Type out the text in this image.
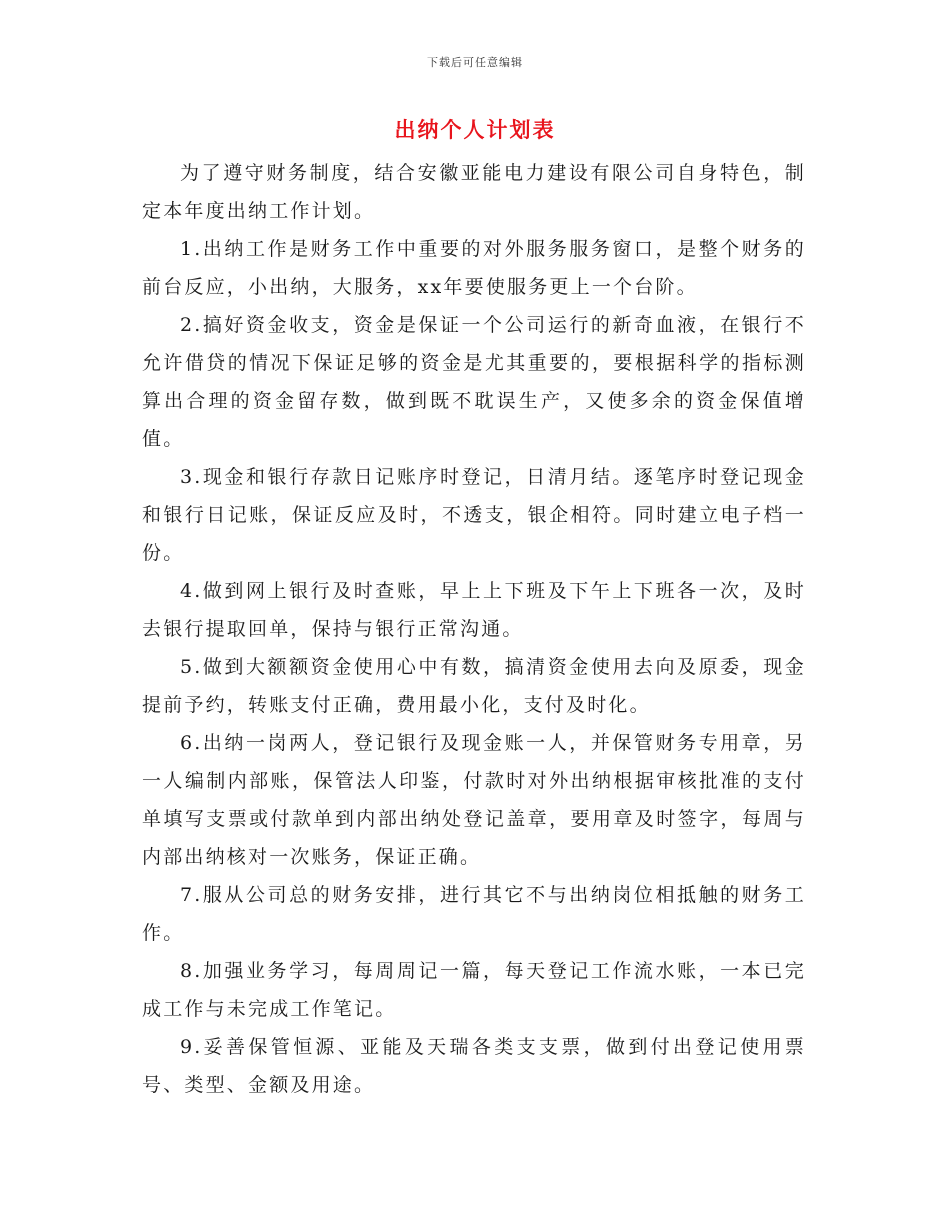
下载后可任意编辑
出纳个人计划表

为了遵守财务制度，结合安徽亚能电力建设有限公司自身特色，制定本年度出纳工作计划。

1.出纳工作是财务工作中重要的对外服务服务窗口，是整个财务的前台反应，小出纳，大服务，xx年要使服务更上一个台阶。

2.搞好资金收支，资金是保证一个公司运行的新奇血液，在银行不允许借贷的情况下保证足够的资金是尤其重要的，要根据科学的指标测算出合理的资金留存数，做到既不耽误生产，又使多余的资金保值增值。

3.现金和银行存款日记账序时登记，日清月结。逐笔序时登记现金和银行日记账，保证反应及时，不透支，银企相符。同时建立电子档一份。

4.做到网上银行及时查账，早上上下班及下午上下班各一次，及时去银行提取回单，保持与银行正常沟通。

5.做到大额额资金使用心中有数，搞清资金使用去向及原委，现金提前予约，转账支付正确，费用最小化，支付及时化。

6.出纳一岗两人，登记银行及现金账一人，并保管财务专用章，另一人编制内部账，保管法人印鉴，付款时对外出纳根据审核批准的支付单填写支票或付款单到内部出纳处登记盖章，要用章及时签字，每周与内部出纳核对一次账务，保证正确。

7.服从公司总的财务安排，进行其它不与出纳岗位相抵触的财务工作。

8.加强业务学习，每周周记一篇，每天登记工作流水账，一本已完成工作与未完成工作笔记。

9.妥善保管恒源、亚能及天瑞各类支支票，做到付出登记使用票号、类型、金额及用途。
